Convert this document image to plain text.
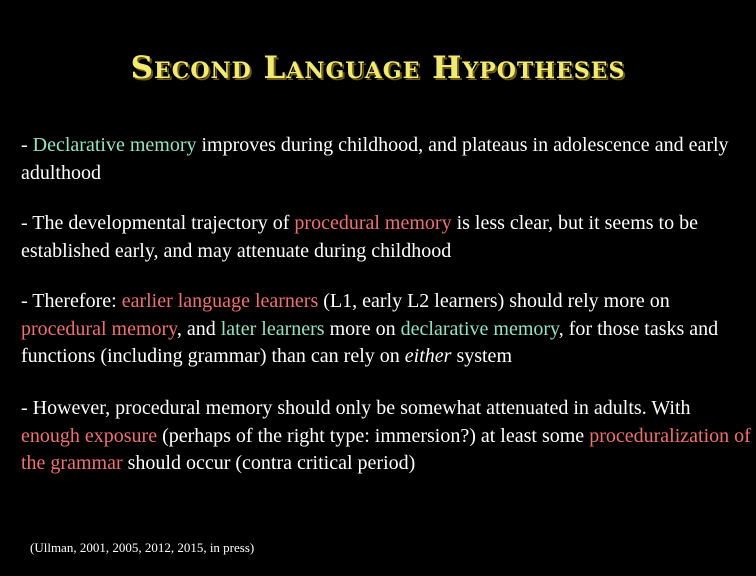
Second Language Hypotheses
- Declarative memory improves during childhood, and plateaus in adolescence and early adulthood
- The developmental trajectory of procedural memory is less clear, but it seems to be established early, and may attenuate during childhood
- Therefore: earlier language learners (L1, early L2 learners) should rely more on procedural memory, and later learners more on declarative memory, for those tasks and functions (including grammar) than can rely on either system
- However, procedural memory should only be somewhat attenuated in adults. With enough exposure (perhaps of the right type: immersion?) at least some proceduralization of the grammar should occur (contra critical period)
(Ullman, 2001, 2005, 2012, 2015, in press)
